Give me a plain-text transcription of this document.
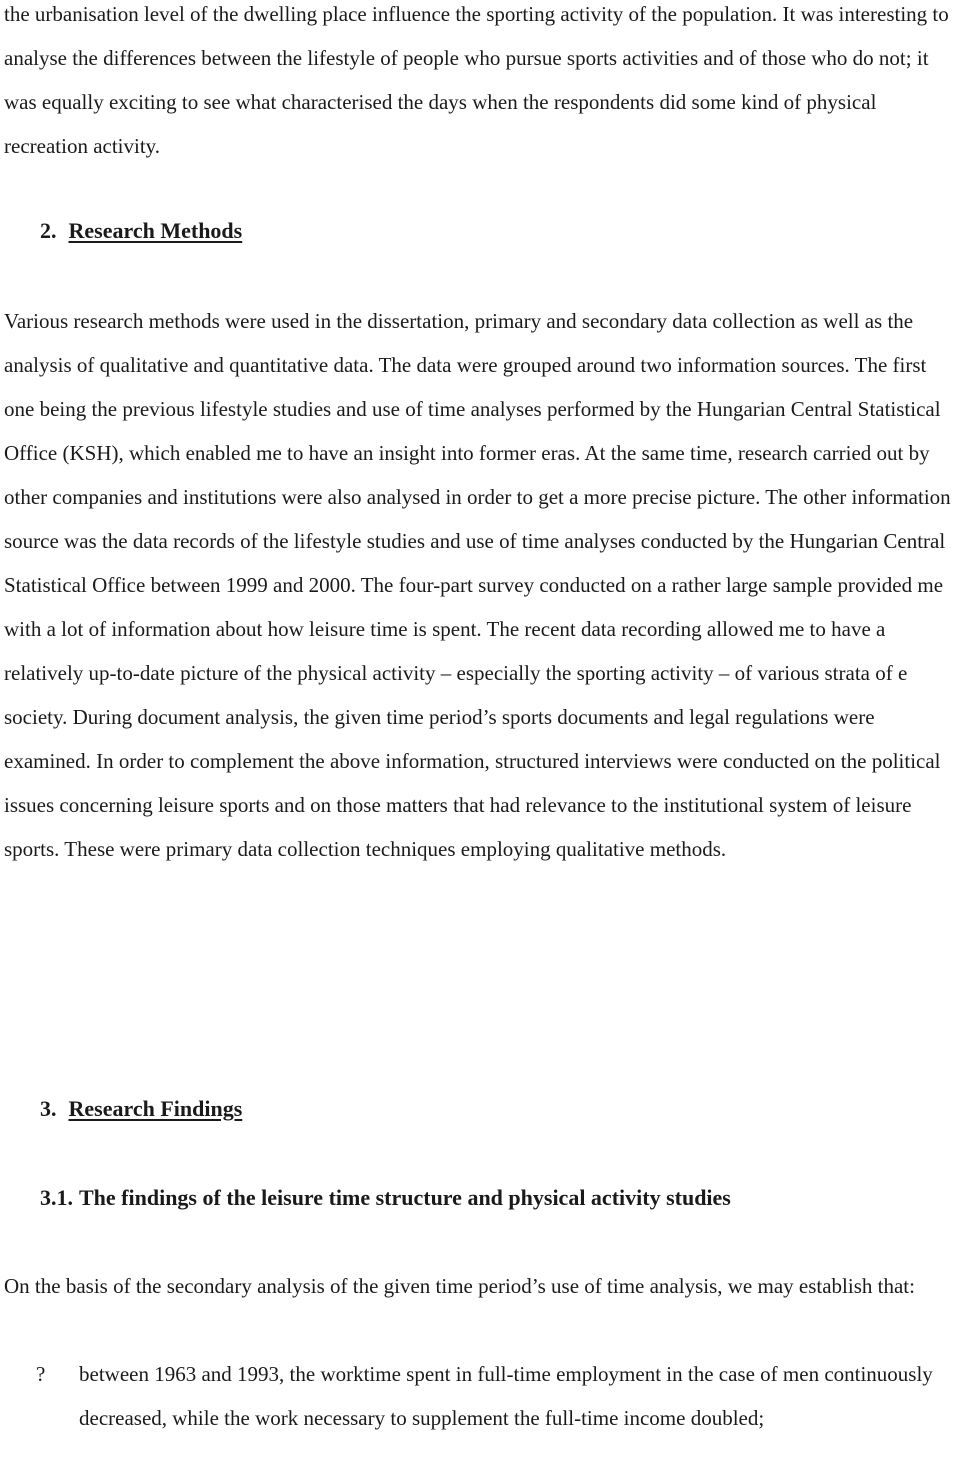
the urbanisation level of the dwelling place influence the sporting activity of the population. It was interesting to analyse the differences between the lifestyle of people who pursue sports activities and of those who do not; it was equally exciting to see what characterised the days when the respondents did some kind of physical recreation activity.

2. Research Methods

Various research methods were used in the dissertation, primary and secondary data collection as well as the analysis of qualitative and quantitative data. The data were grouped around two information sources. The first one being the previous lifestyle studies and use of time analyses performed by the Hungarian Central Statistical Office (KSH), which enabled me to have an insight into former eras. At the same time, research carried out by other companies and institutions were also analysed in order to get a more precise picture. The other information source was the data records of the lifestyle studies and use of time analyses conducted by the Hungarian Central Statistical Office between 1999 and 2000. The four-part survey conducted on a rather large sample provided me with a lot of information about how leisure time is spent. The recent data recording allowed me to have a relatively up-to-date picture of the physical activity – especially the sporting activity – of various strata of e society. During document analysis, the given time period’s sports documents and legal regulations were examined. In order to complement the above information, structured interviews were conducted on the political issues concerning leisure sports and on those matters that had relevance to the institutional system of leisure sports. These were primary data collection techniques employing qualitative methods.

3. Research Findings
3.1. The findings of the leisure time structure and physical activity studies

On the basis of the secondary analysis of the given time period’s use of time analysis, we may establish that:

? between 1963 and 1993, the worktime spent in full-time employment in the case of men continuously decreased, while the work necessary to supplement the full-time income doubled;
